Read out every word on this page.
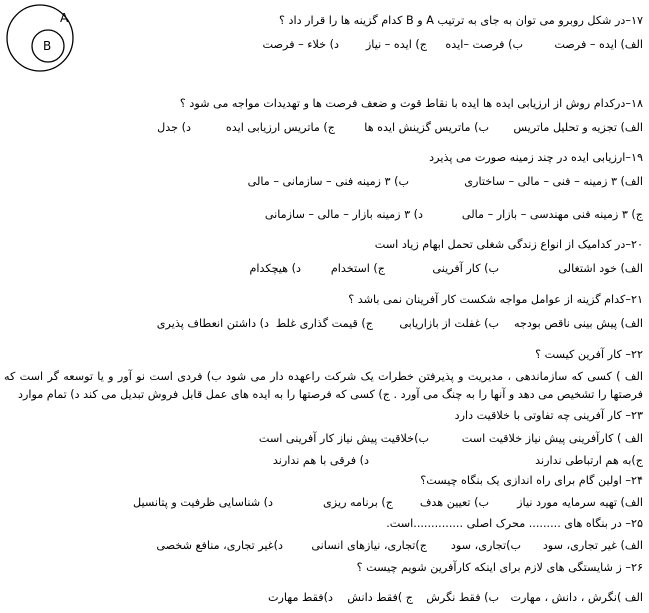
A
B
۱۷–در شکل روبرو می توان به جای به ترتیب A و B کدام گزینه ها را قرار داد ؟
الف) ایده – فرصت
ب) فرصت –ایده
ج) ایده – نیاز
د) خلاء – فرصت
۱۸–درکدام روش از ارزیابی ایده ها ایده با نقاط قوت و ضعف فرصت ها و تهدیدات مواجه می شود ؟
الف) تجزیه و تحلیل ماتریس
ب) ماتریس گزینش ایده ها
ج) ماتریس ارزیابی ایده
د) جدل
۱۹–ارزیابی ایده در چند زمینه صورت می پذیرد
الف) ۳ زمینه – فنی – مالی – ساختاری
ب) ۳ زمینه فنی – سازمانی – مالی
ج) ۳ زمینه فنی مهندسی – بازار – مالی
د) ۳ زمینه بازار – مالی – سازمانی
۲۰–در کدامیک از انواع زندگی شغلی تحمل ابهام زیاد است
الف) خود اشتغالی
ب) کار آفرینی
ج) استخدام
د) هیچکدام
۲۱–کدام گزینه از عوامل مواجه شکست کار آفرینان نمی باشد ؟
الف) پیش بینی ناقص بودجه
ب) غفلت از بازاریابی
ج) قیمت گذاری غلط
د) داشتن انعطاف پذیری
۲۲– کار آفرین کیست ؟
الف ) کسی که سازماندهی ، مدیریت و پذیرفتن خطرات یک شرکت راعهده دار می شود ب) فردی است نو آور و یا توسعه گر است که فرصتها را تشخیص می دهد و آنها را به چنگ می آورد . ج) کسی که فرصتها را به ایده های عمل قابل فروش تبدیل می کند د) تمام موارد
۲۳– کار آفرینی چه تفاوتی با خلاقیت دارد
الف ) کارآفرینی پیش نیاز خلاقیت است
ب)خلاقیت پیش نیاز کار آفرینی است
ج)به هم ارتباطی ندارند
د) فرقی با هم ندارند
۲۴– اولین گام برای راه اندازی یک بنگاه چیست؟
الف) تهیه سرمایه مورد نیاز
ب) تعیین هدف
ج) برنامه ریزی
د) شناسایی ظرفیت و پتانسیل
۲۵– در بنگاه های ......... محرک اصلی ..............است.
الف) غیر تجاری، سود
ب)تجاری، سود
ج)تجاری، نیازهای انسانی
د)غیر تجاری، منافع شخصی
۲۶– ز شایستگی های لازم برای اینکه کارآفرین شویم چیست ؟
الف )نگرش ، دانش ، مهارت
ب) فقط نگرش
ج )فقط دانش
د)فقط مهارت
